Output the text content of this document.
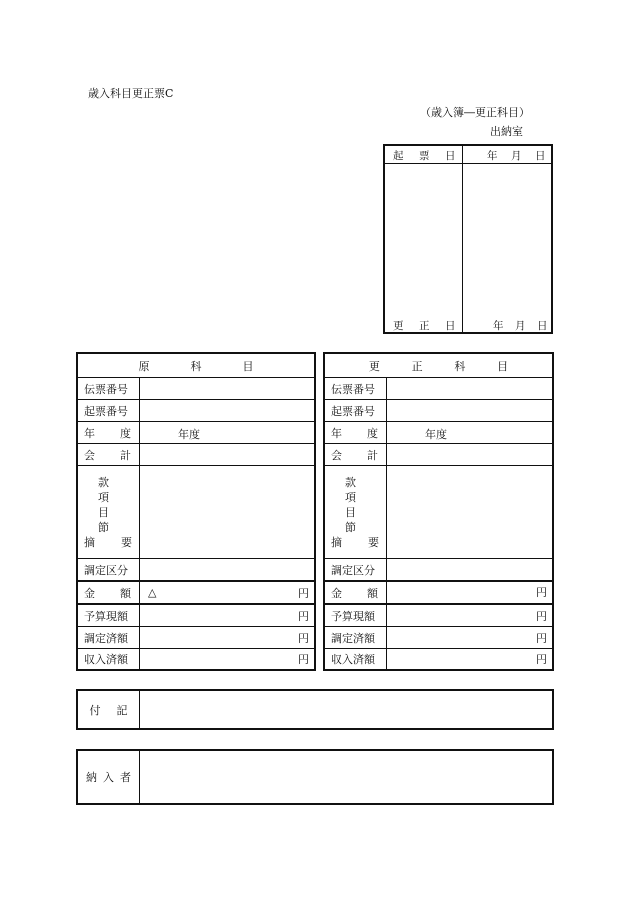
歳入科目更正票C
（歳入簿―更正科目）
出納室
起 票 日	年 月 日
更 正 日	年 月 日
原	科	目
伝票番号
起票番号
年 度	年度
会 計
款
項
目
節
摘 要
調定区分
金 額 △	円
予算現額	円
調定済額	円
収入済額	円
更	正	科	目
伝票番号
起票番号
年 度	年度
会 計
款
項
目
節
摘 要
調定区分
金 額	円
予算現額	円
調定済額	円
収入済額	円
付 記
納 入 者
